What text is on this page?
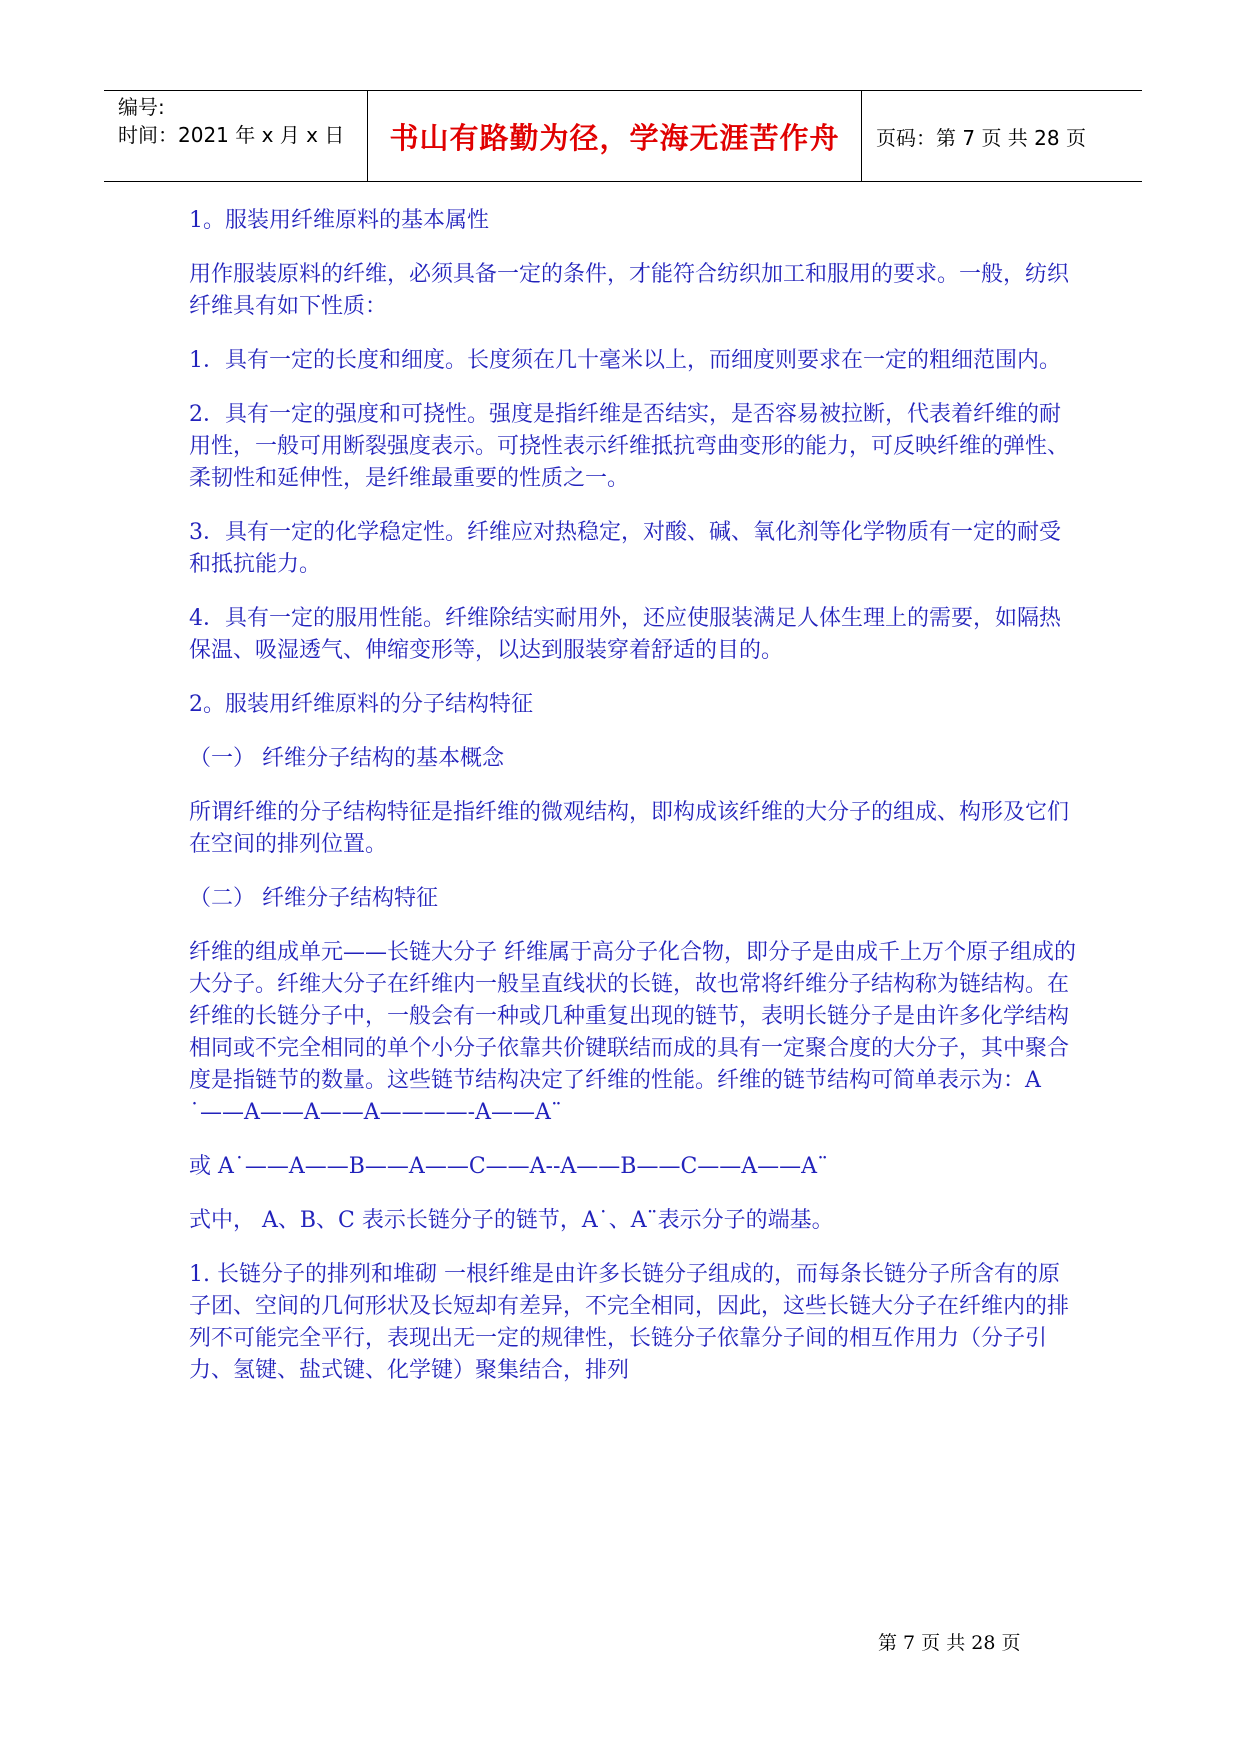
编号:
时间：2021 年 x 月 x 日 书山有路勤为径，学海无涯苦作舟 页码：第 7 页 共 28 页

1。服装用纤维原料的基本属性

用作服装原料的纤维，必须具备一定的条件，才能符合纺织加工和服用的要求。一般，纺织纤维具有如下性质：

1．具有一定的长度和细度。长度须在几十毫米以上，而细度则要求在一定的粗细范围内。

2．具有一定的强度和可挠性。强度是指纤维是否结实，是否容易被拉断，代表着纤维的耐用性，一般可用断裂强度表示。可挠性表示纤维抵抗弯曲变形的能力，可反映纤维的弹性、柔韧性和延伸性，是纤维最重要的性质之一。

3．具有一定的化学稳定性。纤维应对热稳定，对酸、碱、氧化剂等化学物质有一定的耐受和抵抗能力。

4．具有一定的服用性能。纤维除结实耐用外，还应使服装满足人体生理上的需要，如隔热保温、吸湿透气、伸缩变形等，以达到服装穿着舒适的目的。

2。服装用纤维原料的分子结构特征

（一） 纤维分子结构的基本概念

所谓纤维的分子结构特征是指纤维的微观结构，即构成该纤维的大分子的组成、构形及它们在空间的排列位置。

（二） 纤维分子结构特征

纤维的组成单元——长链大分子 纤维属于高分子化合物，即分子是由成千上万个原子组成的大分子。纤维大分子在纤维内一般呈直线状的长链，故也常将纤维分子结构称为链结构。在纤维的长链分子中，一般会有一种或几种重复出现的链节，表明长链分子是由许多化学结构相同或不完全相同的单个小分子依靠共价键联结而成的具有一定聚合度的大分子，其中聚合度是指链节的数量。这些链节结构决定了纤维的性能。纤维的链节结构可简单表示为：A

˙——A——A——A————-A——A¨

或 A˙——A——B——A——C——A--A——B——C——A——A¨

式中， A、B、C 表示长链分子的链节，A˙、A¨表示分子的端基。

1. 长链分子的排列和堆砌 一根纤维是由许多长链分子组成的，而每条长链分子所含有的原子团、空间的几何形状及长短却有差异，不完全相同，因此，这些长链大分子在纤维内的排列不可能完全平行，表现出无一定的规律性，长链分子依靠分子间的相互作用力（分子引力、氢键、盐式键、化学键）聚集结合，排列

第 7 页 共 28 页
